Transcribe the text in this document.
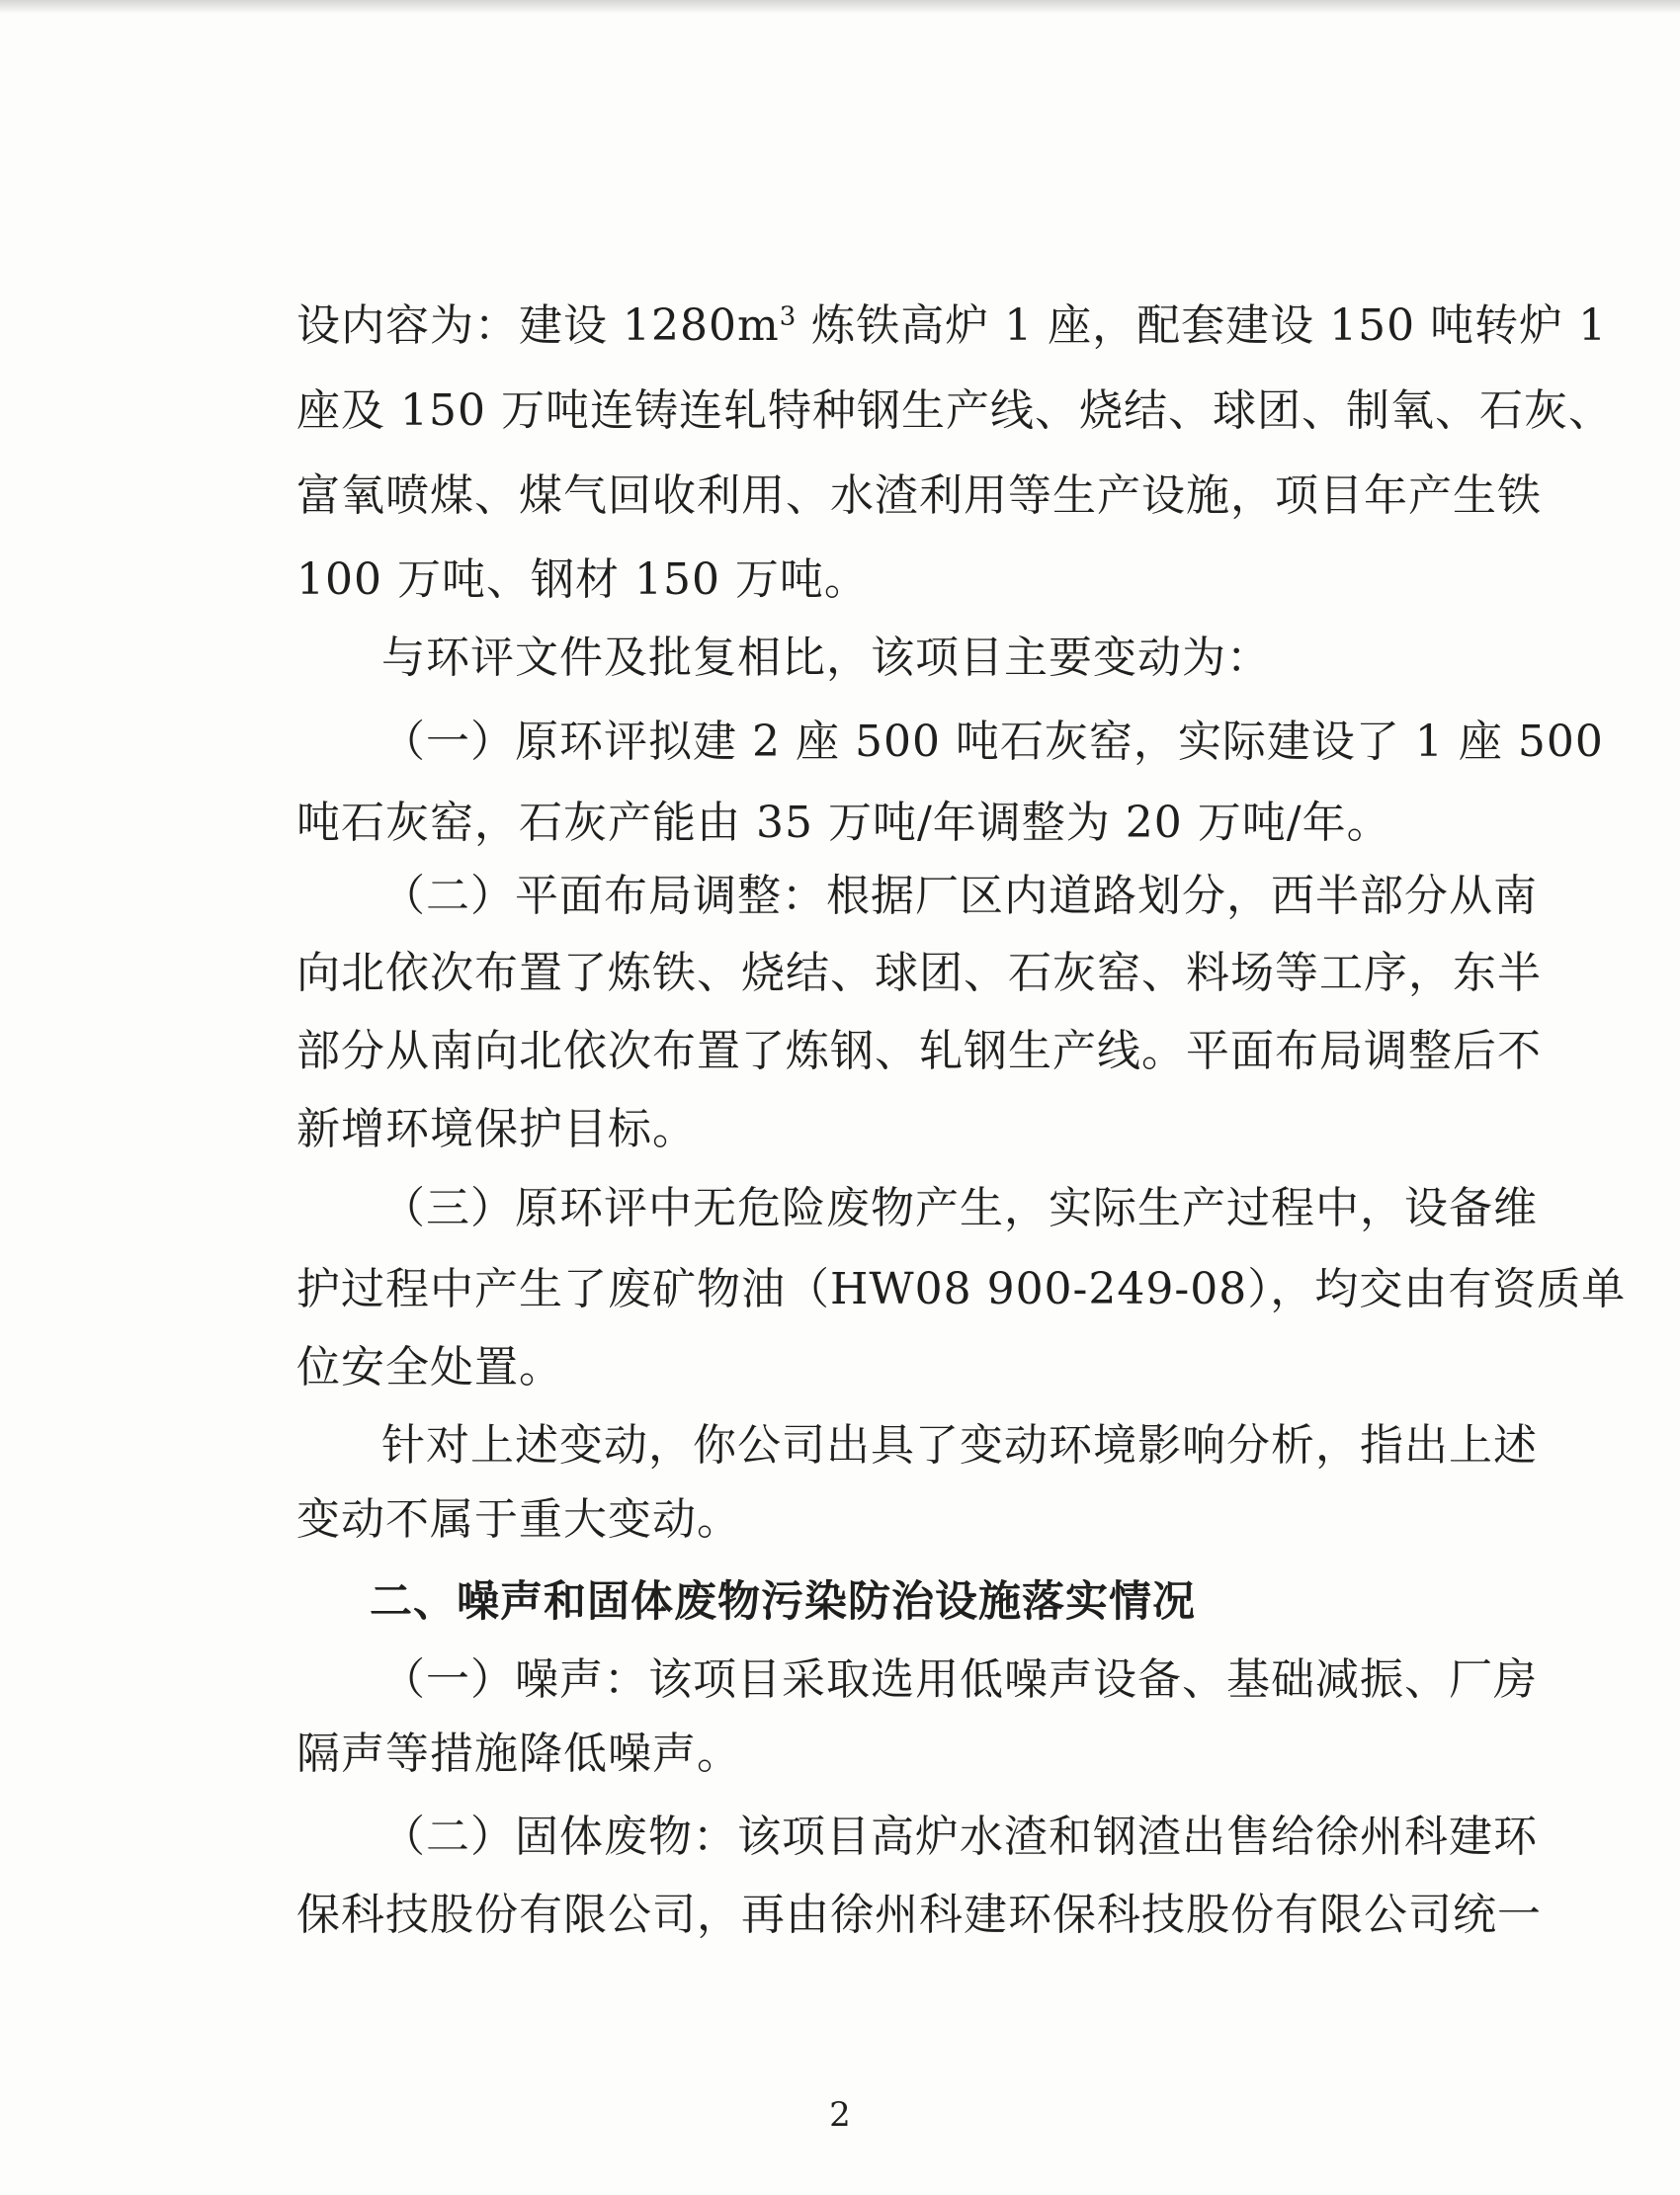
设内容为：建设 $1280m^3$ 炼铁高炉 1 座，配套建设 150 吨转炉 1
座及 150 万吨连铸连轧特种钢生产线、烧结、球团、制氧、石灰、
富氧喷煤、煤气回收利用、水渣利用等生产设施，项目年产生铁
100 万吨、钢材 150 万吨。
与环评文件及批复相比，该项目主要变动为：
（一）原环评拟建 2 座 500 吨石灰窑，实际建设了 1 座 500
吨石灰窑，石灰产能由 35 万吨/年调整为 20 万吨/年。
（二）平面布局调整：根据厂区内道路划分，西半部分从南
向北依次布置了炼铁、烧结、球团、石灰窑、料场等工序，东半
部分从南向北依次布置了炼钢、轧钢生产线。平面布局调整后不
新增环境保护目标。
（三）原环评中无危险废物产生，实际生产过程中，设备维
护过程中产生了废矿物油（HW08 900-249-08），均交由有资质单
位安全处置。
针对上述变动，你公司出具了变动环境影响分析，指出上述
变动不属于重大变动。
二、噪声和固体废物污染防治设施落实情况
（一）噪声：该项目采取选用低噪声设备、基础减振、厂房
隔声等措施降低噪声。
（二）固体废物：该项目高炉水渣和钢渣出售给徐州科建环
保科技股份有限公司，再由徐州科建环保科技股份有限公司统一
2
